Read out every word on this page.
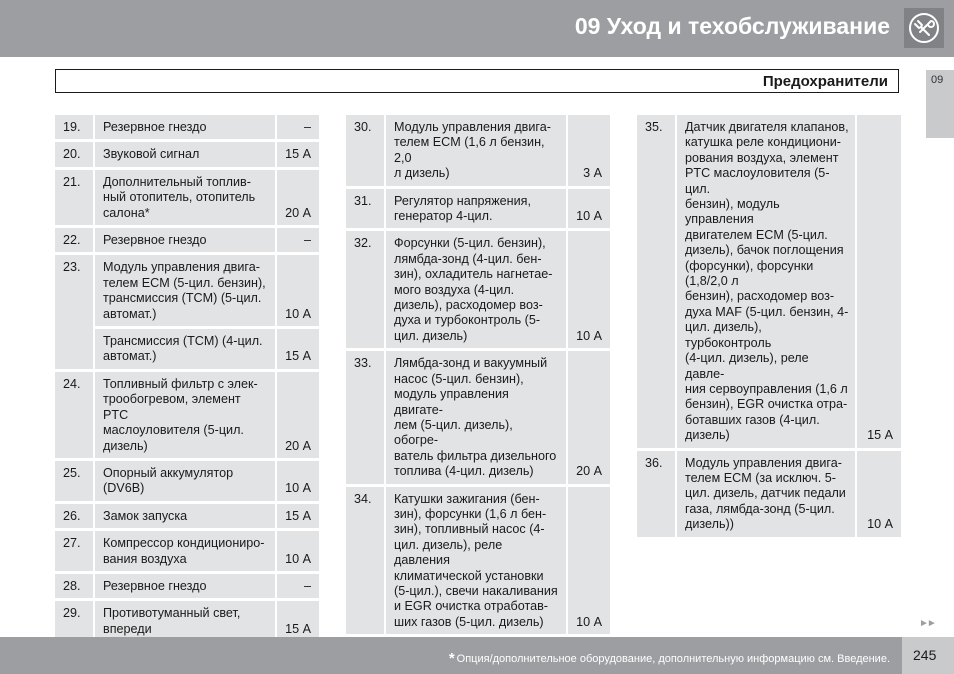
09 Уход и техобслуживание
Предохранители	09
19.	Резервное гнездо	–
20.	Звуковой сигнал	15 А
21.	Дополнительный топлив-
ный отопитель, отопитель
салона*	20 А
22.	Резервное гнездо	–
23.	Модуль управления двига-
телем ECM (5-цил. бензин),
трансмиссия (TCM) (5-цил.
автомат.)	10 А
Трансмиссия (TCM) (4-цил.
автомат.)	15 А
24.	Топливный фильтр с элек-
трообогревом, элемент PTC
маслоуловителя (5-цил.
дизель)	20 А
25.	Опорный аккумулятор
(DV6B)	10 А
26.	Замок запуска	15 А
27.	Компрессор кондициониро-
вания воздуха	10 А
28.	Резервное гнездо	–
29.	Противотуманный свет,
впереди	15 А
30.	Модуль управления двига-
телем ECM (1,6 л бензин, 2,0
л дизель)	3 А
31.	Регулятор напряжения,
генератор 4-цил.	10 А
32.	Форсунки (5-цил. бензин),
лямбда-зонд (4-цил. бен-
зин), охладитель нагнетае-
мого воздуха (4-цил.
дизель), расходомер воз-
духа и турбоконтроль (5-
цил. дизель)	10 А
33.	Лямбда-зонд и вакуумный
насос (5-цил. бензин),
модуль управления двигате-
лем (5-цил. дизель), обогре-
ватель фильтра дизельного
топлива (4-цил. дизель)	20 А
34.	Катушки зажигания (бен-
зин), форсунки (1,6 л бен-
зин), топливный насос (4-
цил. дизель), реле давления
климатической установки
(5-цил.), свечи накаливания
и EGR очистка отработав-
ших газов (5-цил. дизель)	10 А
35.	Датчик двигателя клапанов,
катушка реле кондициони-
рования воздуха, элемент
PTC маслоуловителя (5-цил.
бензин), модуль управления
двигателем ECM (5-цил.
дизель), бачок поглощения
(форсунки), форсунки (1,8/2,0 л
бензин), расходомер воз-
духа MAF (5-цил. бензин, 4-
цил. дизель), турбоконтроль
(4-цил. дизель), реле давле-
ния сервоуправления (1,6 л
бензин), EGR очистка отра-
ботавших газов (4-цил.
дизель)	15 А
36.	Модуль управления двига-
телем ECM (за исключ. 5-
цил. дизель, датчик педали
газа, лямбда-зонд (5-цил.
дизель))	10 А
►►
* Опция/дополнительное оборудование, дополнительную информацию см. Введение. 245
